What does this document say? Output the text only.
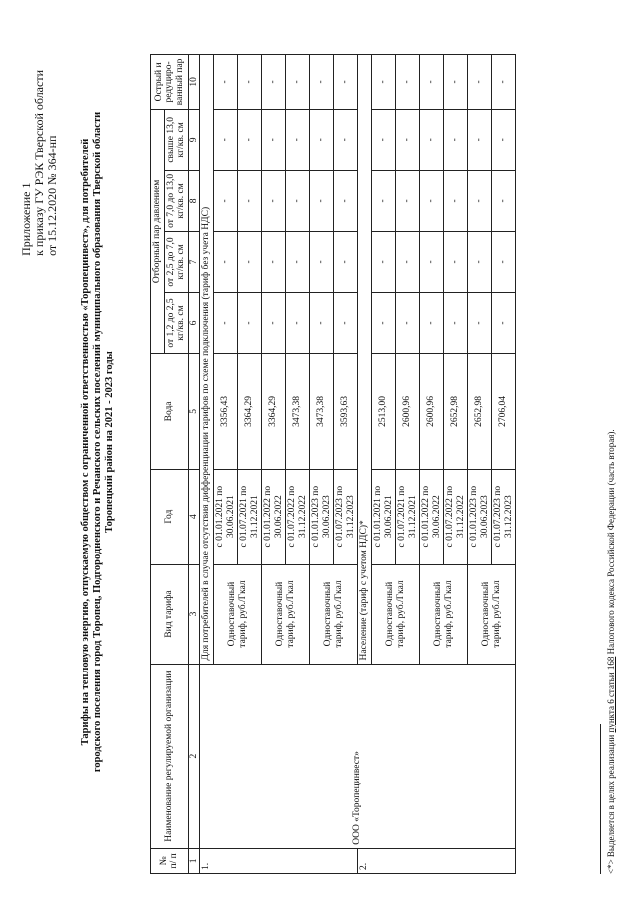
Приложение 1 к приказу ГУ РЭК Тверской области от 15.12.2020 № 364-нп Тарифы на тепловую энергию, отпускаемую обществом с ограниченной ответственностью «Торопецинвест», для потребителей городского поселения город Торопец, Подгородненского и Речанского сельских поселений муниципального образования Тверской области Торопецкий район на 2021 - 2023 годы
№ п/ п	Наименование регулируемой организации	Вид тарифа	Год	Вода	Отборный пар давлением				Острый и редуциро-ванный пар
					от 1,2 до 2,5 кг/кв. см	от 2,5 до 7,0 кг/кв. см	от 7,0 до 13,0 кг/кв. см	свыше 13,0 кг/кв. см	
1	2	3	4	5	6	7	8	9	10
1.	ООО «Торопецинвест»	Для потребителей в случае отсутствия дифференциации тарифов по схеме подключения (тариф без учета НДС)							
		Одноставочный тариф, руб./Гкал	с 01.01.2021 по 30.06.2021	3356,43	-	-	-	-	-
			с 01.07.2021 по 31.12.2021	3364,29	-	-	-	-	-
		Одноставочный тариф, руб./Гкал	с 01.01.2022 по 30.06.2022	3364,29	-	-	-	-	-
			с 01.07.2022 по 31.12.2022	3473,38	-	-	-	-	-
		Одноставочный тариф, руб./Гкал	с 01.01.2023 по 30.06.2023	3473,38	-	-	-	-	-
			с 01.07.2023 по 31.12.2023	3593,63	-	-	-	-	-
2.		Население (тариф с учетом НДС)*							
		Одноставочный тариф, руб./Гкал	с 01.01.2021 по 30.06.2021	2513,00	-	-	-	-	-
			с 01.07.2021 по 31.12.2021	2600,96	-	-	-	-	-
		Одноставочный тариф, руб./Гкал	с 01.01.2022 по 30.06.2022	2600,96	-	-	-	-	-
			с 01.07.2022 по 31.12.2022	2652,98	-	-	-	-	-
		Одноставочный тариф, руб./Гкал	с 01.01.2023 по 30.06.2023	2652,98	-	-	-	-	-
			с 01.07.2023 по 31.12.2023	2706,04	-	-	-	-	-
<*> Выделяется в целях реализации пункта 6 статьи 168 Налогового кодекса Российской Федерации (часть вторая).
